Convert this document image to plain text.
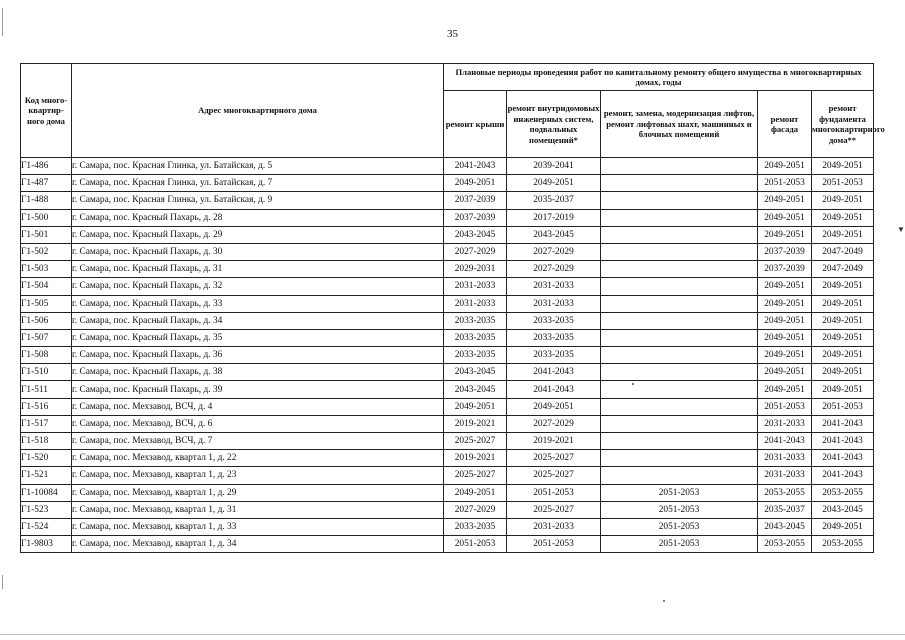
35
▼
Код много-квартир-ного дома	Адрес многоквартирного дома	Плановые периоды проведения работ по капитальному ремонту общего имущества в многоквартирных домах, годы				
		ремонт крыши	ремонт внутридомовых инженерных систем, подвальных помещений*	ремонт, замена, модернизация лифтов, ремонт лифтовых шахт, машинных и блочных помещений	ремонт фасада	ремонт фундамента многоквартирного дома**
Г1-486	г. Самара, пос. Красная Глинка, ул. Батайская, д. 5	2041-2043	2039-2041		2049-2051	2049-2051
Г1-487	г. Самара, пос. Красная Глинка, ул. Батайская, д. 7	2049-2051	2049-2051		2051-2053	2051-2053
Г1-488	г. Самара, пос. Красная Глинка, ул. Батайская, д. 9	2037-2039	2035-2037		2049-2051	2049-2051
Г1-500	г. Самара, пос. Красный Пахарь, д. 28	2037-2039	2017-2019		2049-2051	2049-2051
Г1-501	г. Самара, пос. Красный Пахарь, д. 29	2043-2045	2043-2045		2049-2051	2049-2051
Г1-502	г. Самара, пос. Красный Пахарь, д. 30	2027-2029	2027-2029		2037-2039	2047-2049
Г1-503	г. Самара, пос. Красный Пахарь, д. 31	2029-2031	2027-2029		2037-2039	2047-2049
Г1-504	г. Самара, пос. Красный Пахарь, д. 32	2031-2033	2031-2033		2049-2051	2049-2051
Г1-505	г. Самара, пос. Красный Пахарь, д. 33	2031-2033	2031-2033		2049-2051	2049-2051
Г1-506	г. Самара, пос. Красный Пахарь, д. 34	2033-2035	2033-2035		2049-2051	2049-2051
Г1-507	г. Самара, пос. Красный Пахарь, д. 35	2033-2035	2033-2035		2049-2051	2049-2051
Г1-508	г. Самара, пос. Красный Пахарь, д. 36	2033-2035	2033-2035		2049-2051	2049-2051
Г1-510	г. Самара, пос. Красный Пахарь, д. 38	2043-2045	2041-2043		2049-2051	2049-2051
Г1-511	г. Самара, пос. Красный Пахарь, д. 39	2043-2045	2041-2043		2049-2051	2049-2051
Г1-516	г. Самара, пос. Мехзавод, ВСЧ, д. 4	2049-2051	2049-2051		2051-2053	2051-2053
Г1-517	г. Самара, пос. Мехзавод, ВСЧ, д. 6	2019-2021	2027-2029		2031-2033	2041-2043
Г1-518	г. Самара, пос. Мехзавод, ВСЧ, д. 7	2025-2027	2019-2021		2041-2043	2041-2043
Г1-520	г. Самара, пос. Мехзавод, квартал 1, д. 22	2019-2021	2025-2027		2031-2033	2041-2043
Г1-521	г. Самара, пос. Мехзавод, квартал 1, д. 23	2025-2027	2025-2027		2031-2033	2041-2043
Г1-10084	г. Самара, пос. Мехзавод, квартал 1, д. 29	2049-2051	2051-2053	2051-2053	2053-2055	2053-2055
Г1-523	г. Самара, пос. Мехзавод, квартал 1, д. 31	2027-2029	2025-2027	2051-2053	2035-2037	2043-2045
Г1-524	г. Самара, пос. Мехзавод, квартал 1, д. 33	2033-2035	2031-2033	2051-2053	2043-2045	2049-2051
Г1-9803	г. Самара, пос. Мехзавод, квартал 1, д. 34	2051-2053	2051-2053	2051-2053	2053-2055	2053-2055
